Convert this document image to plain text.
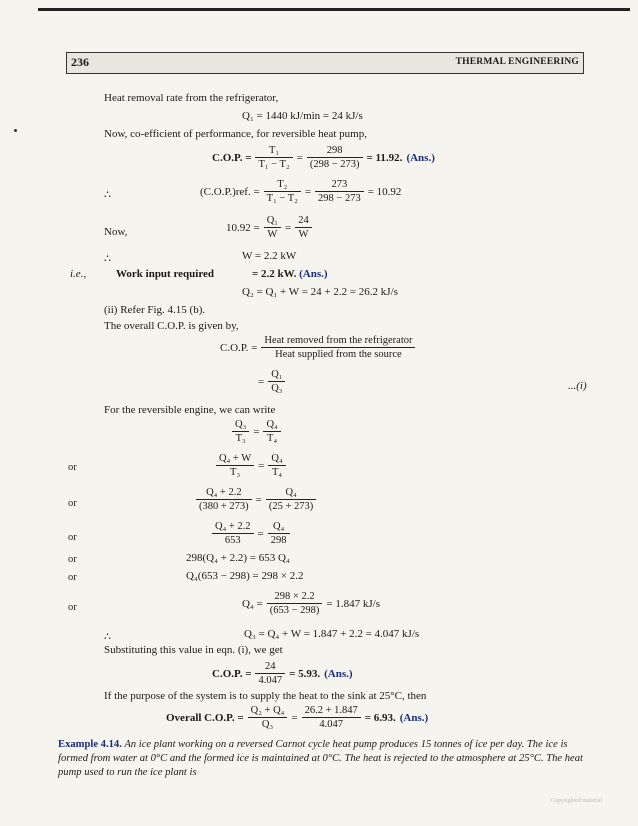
236	THERMAL ENGINEERING
Heat removal rate from the refrigerator,
Q₁ = 1440 kJ/min = 24 kJ/s
Now, co-efficient of performance, for reversible heat pump,
C.O.P. = $\frac{\text{T₁}}{\text{T₁ − T₂}} = \frac{298}{(298 - 273)} = 11.92$. (Ans.)
∴	(C.O.P.)ref. = $\frac{\text{T₂}}{\text{T₁ − T₂}} = \frac{273}{298 - 273} = 10.92$
Now,	$10.92 = \frac{\text{Q₁}}{W} = \frac{24}{W}$
∴	W = 2.2 kW
i.e.,	Work input required	= 2.2 kW. (Ans.)
Q₂ = Q₁ + W = 24 + 2.2 = 26.2 kJ/s
(ii) Refer Fig. 4.15 (b).
The overall C.O.P. is given by,
C.O.P. = $\frac{\text{Heat removed from the refrigerator}}{\text{Heat supplied from the source}}$
= $\frac{\text{Q₁}}{\text{Q₃}}$	...(i)
For the reversible engine, we can write
$\frac{\text{Q₃}}{\text{T₃}} = \frac{\text{Q₄}}{\text{T₄}}$
or	$\frac{\text{Q₄ + W}}{\text{T₃}} = \frac{\text{Q₄}}{\text{T₄}}$
or	$\frac{\text{Q₄ + 2.2}}{(380 + 273)} = \frac{\text{Q₄}}{(25 + 273)}$
or	$\frac{\text{Q₄ + 2.2}}{653} = \frac{\text{Q₄}}{298}$
or	298(Q₄ + 2.2) = 653 Q₄
or	Q₄(653 − 298) = 298 × 2.2
or	$Q_4 = \frac{298 \times 2.2}{(653 - 298)} = 1.847$ kJ/s
∴	Q₃ = Q₄ + W = 1.847 + 2.2 = 4.047 kJ/s
Substituting this value in eqn. (i), we get
C.O.P. = $\frac{24}{4.047} = 5.93$. (Ans.)
If the purpose of the system is to supply the heat to the sink at 25°C, then
Overall C.O.P. = $\frac{\text{Q₂ + Q₄}}{\text{Q₃}} = \frac{26.2 + 1.847}{4.047} = 6.93$. (Ans.)
Example 4.14. An ice plant working on a reversed Carnot cycle heat pump produces 15 tonnes of ice per day. The ice is formed from water at 0°C and the formed ice is maintained at 0°C. The heat is rejected to the atmosphere at 25°C. The heat pump used to run the ice plant is
Copyrighted material
